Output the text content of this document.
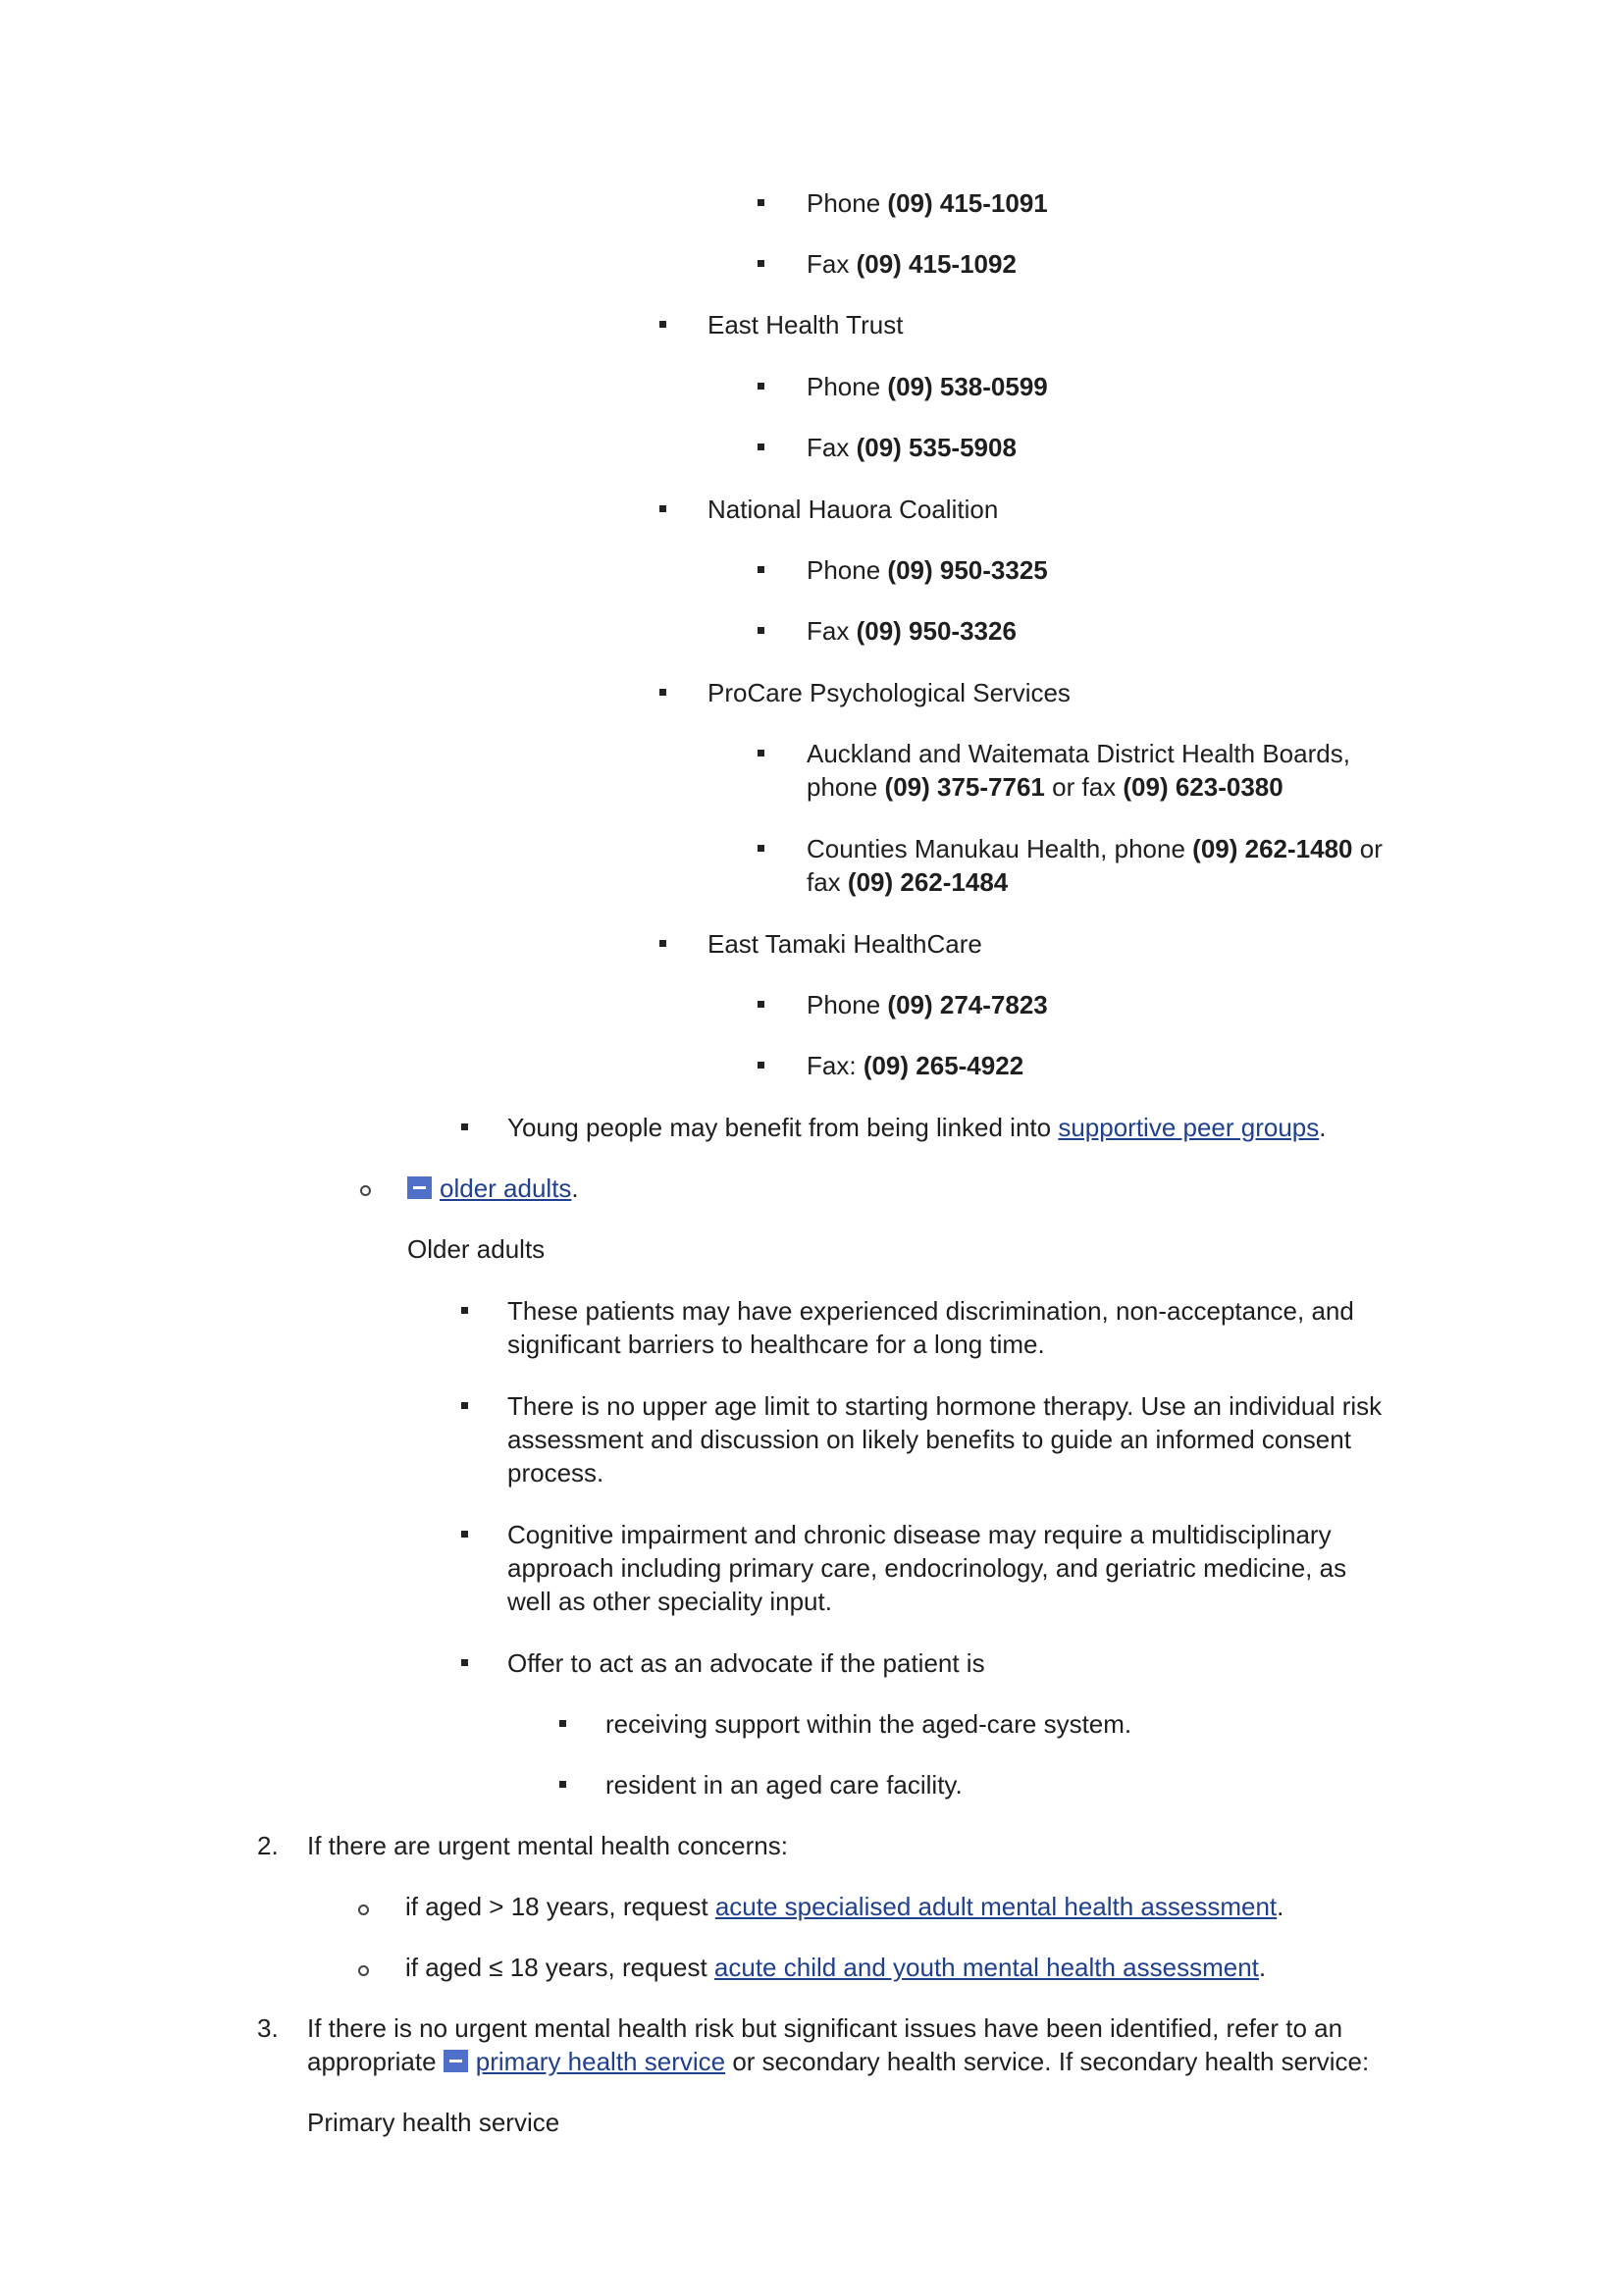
Phone (09) 415-1091
Fax (09) 415-1092
East Health Trust
Phone (09) 538-0599
Fax (09) 535-5908
National Hauora Coalition
Phone (09) 950-3325
Fax (09) 950-3326
ProCare Psychological Services
Auckland and Waitemata District Health Boards,
phone (09) 375-7761 or fax (09) 623-0380
Counties Manukau Health, phone (09) 262-1480 or
fax (09) 262-1484
East Tamaki HealthCare
Phone (09) 274-7823
Fax: (09) 265-4922
Young people may benefit from being linked into supportive peer groups.
older adults.
Older adults
These patients may have experienced discrimination, non-acceptance, and significant barriers to healthcare for a long time.
There is no upper age limit to starting hormone therapy. Use an individual risk assessment and discussion on likely benefits to guide an informed consent process.
Cognitive impairment and chronic disease may require a multidisciplinary approach including primary care, endocrinology, and geriatric medicine, as well as other speciality input.
Offer to act as an advocate if the patient is
receiving support within the aged-care system.
resident in an aged care facility.
2. If there are urgent mental health concerns:
if aged > 18 years, request acute specialised adult mental health assessment.
if aged ≤ 18 years, request acute child and youth mental health assessment.
3. If there is no urgent mental health risk but significant issues have been identified, refer to an
appropriate primary health service or secondary health service. If secondary health service:
Primary health service
